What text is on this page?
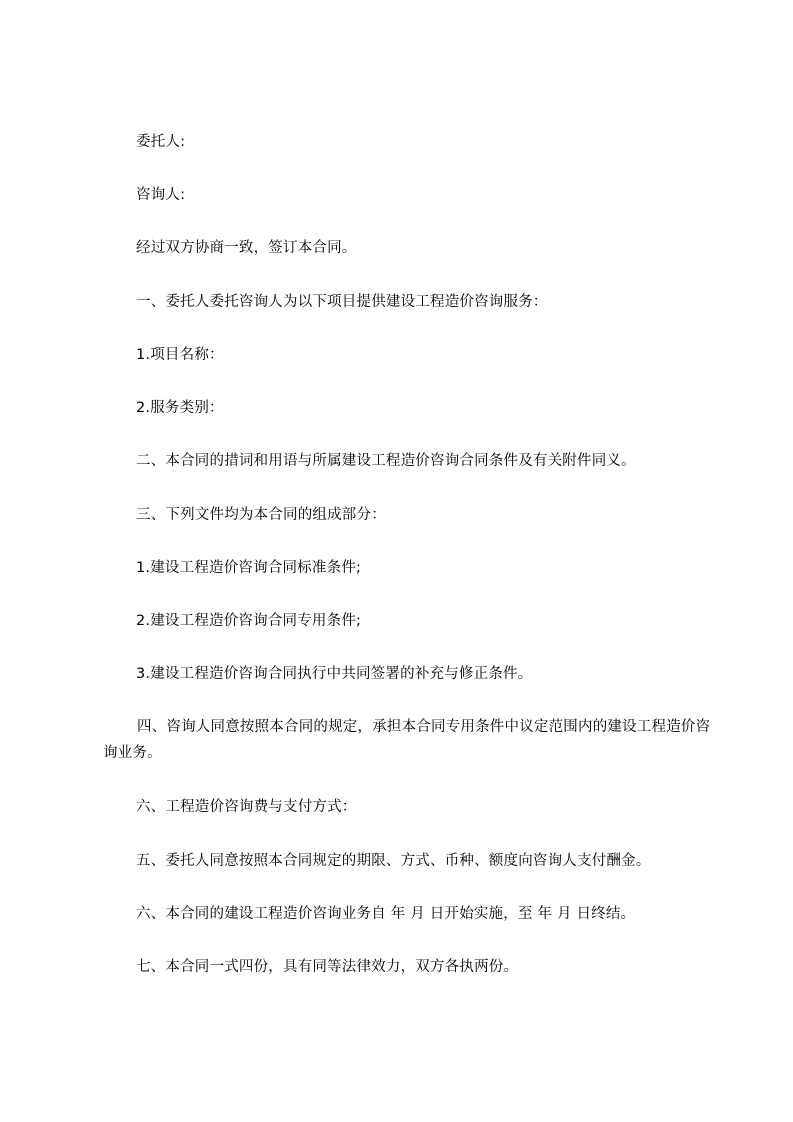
委托人:
咨询人:
经过双方协商一致，签订本合同。
一、委托人委托咨询人为以下项目提供建设工程造价咨询服务：
1.项目名称：
2.服务类别：
二、本合同的措词和用语与所属建设工程造价咨询合同条件及有关附件同义。
三、下列文件均为本合同的组成部分：
1.建设工程造价咨询合同标准条件;
2.建设工程造价咨询合同专用条件;
3.建设工程造价咨询合同执行中共同签署的补充与修正条件。
四、咨询人同意按照本合同的规定，承担本合同专用条件中议定范围内的建设工程造价咨询业务。
六、工程造价咨询费与支付方式：
五、委托人同意按照本合同规定的期限、方式、币种、额度向咨询人支付酬金。
六、本合同的建设工程造价咨询业务自 年 月 日开始实施，至 年 月 日终结。
七、本合同一式四份，具有同等法律效力，双方各执两份。
